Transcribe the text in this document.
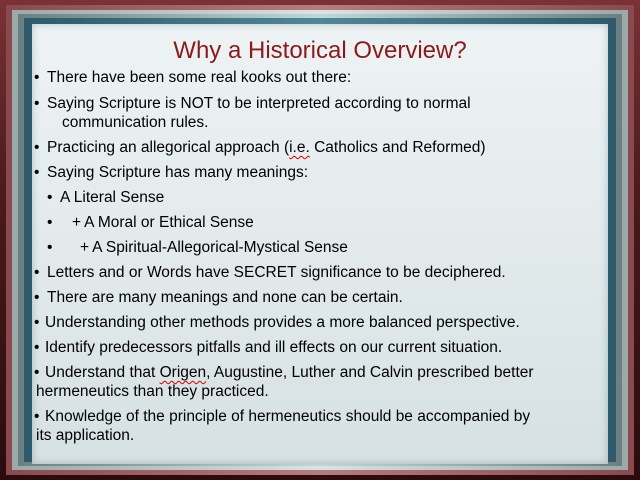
Why a Historical Overview?
• There have been some real kooks out there:
• Saying Scripture is NOT to be interpreted according to normal
communication rules.
• Practicing an allegorical approach (i.e. Catholics and Reformed)
• Saying Scripture has many meanings:
• A Literal Sense
• + A Moral or Ethical Sense
• + A Spiritual-Allegorical-Mystical Sense
• Letters and or Words have SECRET significance to be deciphered.
• There are many meanings and none can be certain.
• Understanding other methods provides a more balanced perspective.
• Identify predecessors pitfalls and ill effects on our current situation.
• Understand that Origen, Augustine, Luther and Calvin prescribed better
hermeneutics than they practiced.
• Knowledge of the principle of hermeneutics should be accompanied by
its application.
